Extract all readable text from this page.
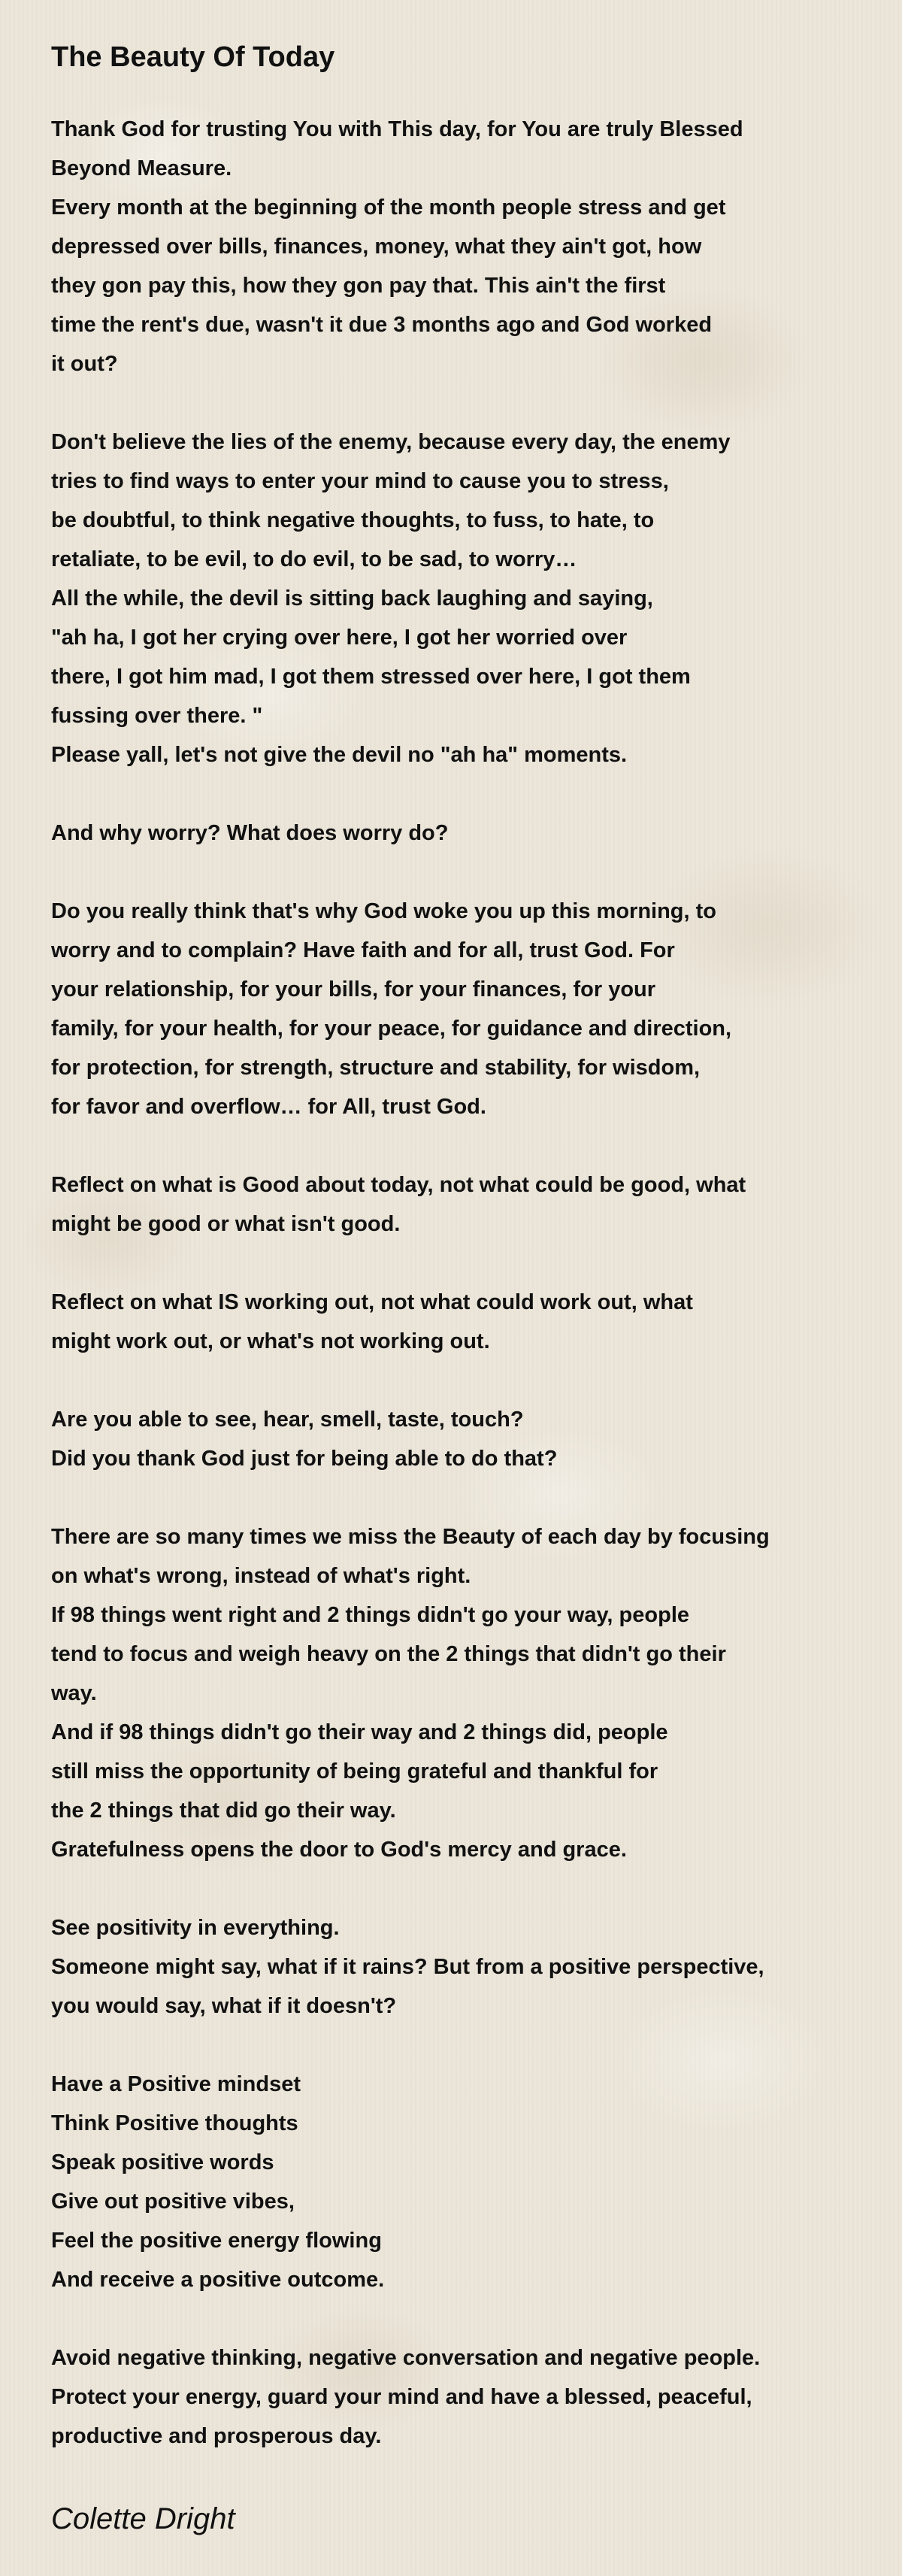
The Beauty Of Today
Thank God for trusting You with This day, for You are truly Blessed
Beyond Measure.
Every month at the beginning of the month people stress and get
depressed over bills, finances, money, what they ain't got, how
they gon pay this, how they gon pay that. This ain't the first
time the rent's due, wasn't it due 3 months ago and God worked
it out?
Don't believe the lies of the enemy, because every day, the enemy
tries to find ways to enter your mind to cause you to stress,
be doubtful, to think negative thoughts, to fuss, to hate, to
retaliate, to be evil, to do evil, to be sad, to worry…
All the while, the devil is sitting back laughing and saying,
"ah ha, I got her crying over here, I got her worried over
there, I got him mad, I got them stressed over here, I got them
fussing over there. "
Please yall, let's not give the devil no "ah ha" moments.
And why worry? What does worry do?
Do you really think that's why God woke you up this morning, to
worry and to complain? Have faith and for all, trust God. For
your relationship, for your bills, for your finances, for your
family, for your health, for your peace, for guidance and direction,
for protection, for strength, structure and stability, for wisdom,
for favor and overflow… for All, trust God.
Reflect on what is Good about today, not what could be good, what
might be good or what isn't good.
Reflect on what IS working out, not what could work out, what
might work out, or what's not working out.
Are you able to see, hear, smell, taste, touch?
Did you thank God just for being able to do that?
There are so many times we miss the Beauty of each day by focusing
on what's wrong, instead of what's right.
If 98 things went right and 2 things didn't go your way, people
tend to focus and weigh heavy on the 2 things that didn't go their
way.
And if 98 things didn't go their way and 2 things did, people
still miss the opportunity of being grateful and thankful for
the 2 things that did go their way.
Gratefulness opens the door to God's mercy and grace.
See positivity in everything.
Someone might say, what if it rains? But from a positive perspective,
you would say, what if it doesn't?
Have a Positive mindset
Think Positive thoughts
Speak positive words
Give out positive vibes,
Feel the positive energy flowing
And receive a positive outcome.
Avoid negative thinking, negative conversation and negative people.
Protect your energy, guard your mind and have a blessed, peaceful,
productive and prosperous day.
Colette Dright
